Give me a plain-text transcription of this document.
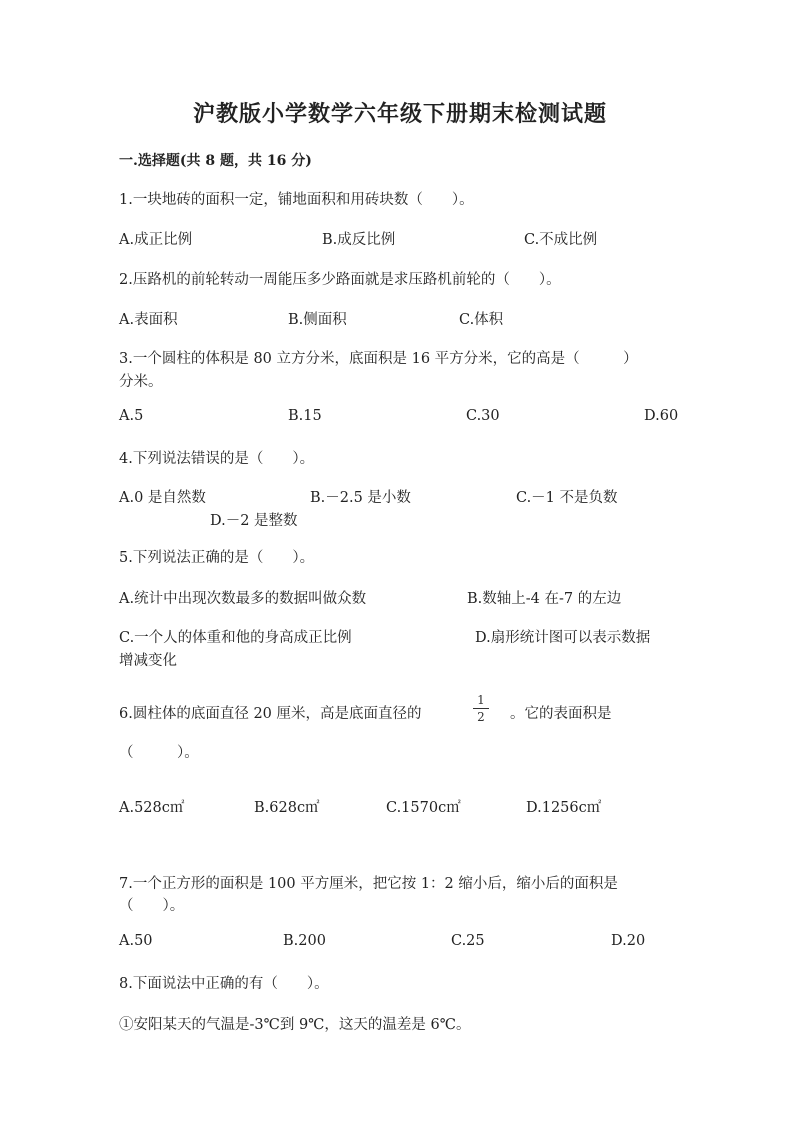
沪教版小学数学六年级下册期末检测试题
一.选择题(共 8 题，共 16 分)
1.一块地砖的面积一定，铺地面积和用砖块数（　　）。
A.成正比例	B.成反比例	C.不成比例
2.压路机的前轮转动一周能压多少路面就是求压路机前轮的（　　）。
A.表面积	B.侧面积	C.体积
3.一个圆柱的体积是 80 立方分米，底面积是 16 平方分米，它的高是（　　　）
分米。
A.5	B.15	C.30	D.60
4.下列说法错误的是（　　）。
A.0 是自然数	B.－2.5 是小数	C.－1 不是负数
D.－2 是整数
5.下列说法正确的是（　　）。
A.统计中出现次数最多的数据叫做众数	B.数轴上-4 在-7 的左边
C.一个人的体重和他的身高成正比例	D.扇形统计图可以表示数据
增减变化
6.圆柱体的底面直径 20 厘米，高是底面直径的
1
2	。它的表面积是
（　　　）。
A.528c㎡	B.628c㎡	C.1570c㎡	D.1256c㎡
7.一个正方形的面积是 100 平方厘米，把它按 1：2 缩小后，缩小后的面积是
（　　）。
A.50	B.200	C.25	D.20
8.下面说法中正确的有（　　）。
①安阳某天的气温是-3℃到 9℃，这天的温差是 6℃。
